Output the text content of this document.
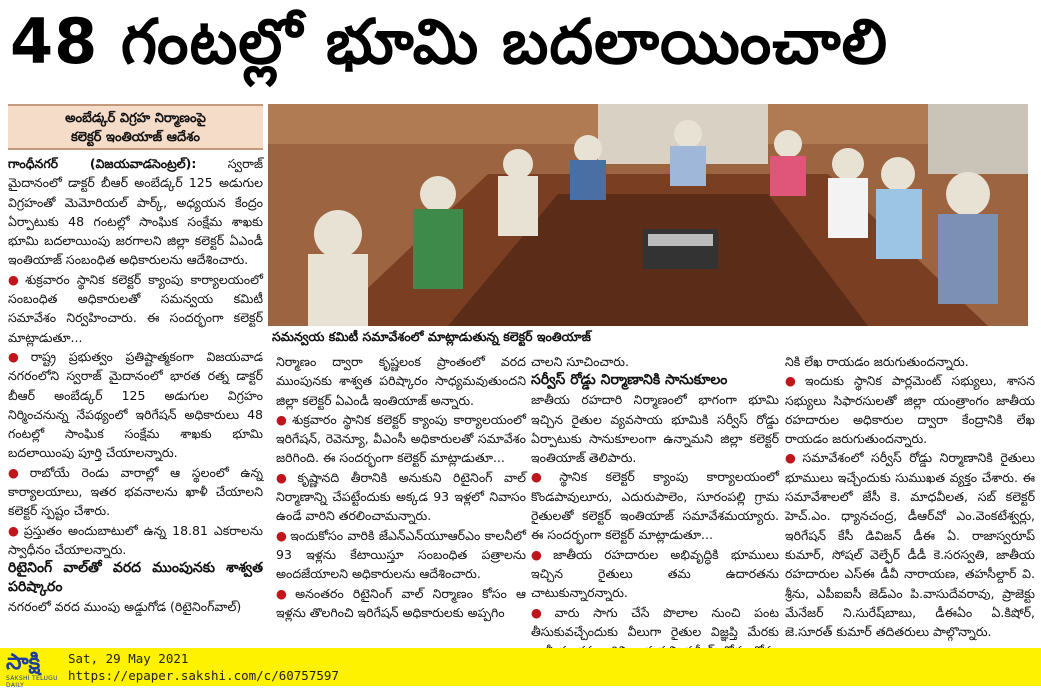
48 గంటల్లో భూమి బదలాయించాలి
అంబేడ్కర్‌ విగ్రహ నిర్మాణంపై
కలెక్టర్‌ ఇంతియాజ్‌ ఆదేశం

గాంధీనగర్‌ (విజయవాడసెంట్రల్‌): స్వరాజ్‌ మైదానంలో డాక్టర్‌ బీఆర్‌ అంబేడ్కర్‌ 125 అడుగుల విగ్రహంతో మెమోరియల్‌ పార్క్, అధ్యయన కేంద్రం ఏర్పాటుకు 48 గంటల్లో సాంఘిక సంక్షేమ శాఖకు భూమి బదలాయింపు జరగాలని జిల్లా కలెక్టర్‌ ఏఎండీ ఇంతియాజ్‌ సంబంధిత అధికారులను ఆదేశించారు.

● శుక్రవారం స్థానిక కలెక్టర్‌ క్యాంపు కార్యాలయంలో సంబంధిత అధికారులతో సమన్వయ కమిటీ సమావేశం నిర్వహించారు. ఈ సందర్భంగా కలెక్టర్‌ మాట్లాడుతూ...

● రాష్ట్ర ప్రభుత్వం ప్రతిష్టాత్మకంగా విజయవాడ నగరంలోని స్వరాజ్‌ మైదానంలో భారత రత్న డాక్టర్‌ బీఆర్‌ అంబేడ్కర్‌ 125 అడుగుల విగ్రహం నిర్మించనున్న నేపథ్యంలో ఇరిగేషన్‌ అధికారులు 48 గంటల్లో సాంఘిక సంక్షేమ శాఖకు భూమి బదలాయింపు పూర్తి చేయాలన్నారు.

● రాబోయే రెండు వారాల్లో ఆ స్థలంలో ఉన్న కార్యాలయాలు, ఇతర భవనాలను ఖాళీ చేయాలని కలెక్టర్‌ స్పష్టం చేశారు.

● ప్రస్తుతం అందుబాటులో ఉన్న 18.81 ఎకరాలను స్వాధీనం చేయాలన్నారు.

రిటైనింగ్‌ వాల్‌తో వరద ముంపునకు శాశ్వత పరిష్కారం

నగరంలో వరద ముంపు అడ్డుగోడ (రిటైనింగ్‌వాల్‌)

సమన్వయ కమిటీ సమావేశంలో మాట్లాడుతున్న కలెక్టర్‌ ఇంతియాజ్‌

నిర్మాణం ద్వారా కృష్ణలంక ప్రాంతంలో వరద ముంపునకు శాశ్వత పరిష్కారం సాధ్యమవుతుందని జిల్లా కలెక్టర్‌ ఏఎండీ ఇంతియాజ్‌ అన్నారు.

● శుక్రవారం స్థానిక కలెక్టర్‌ క్యాంపు కార్యాలయంలో ఇరిగేషన్, రెవెన్యూ, వీఎంసీ అధికారులతో సమావేశం జరిగింది. ఈ సందర్భంగా కలెక్టర్‌ మాట్లాడుతూ...

● కృష్ణానది తీరానికి అనుకుని రిటైనింగ్‌ వాల్‌ నిర్మాణాన్ని చేపట్టేందుకు అక్కడ 93 ఇళ్లలో నివాసం ఉండే వారిని తరలించామన్నారు.

● ఇందుకోసం వారికి జేఎన్‌ఎన్‌యూఆర్‌ఎం కాలనీలో 93 ఇళ్లను కేటాయిస్తూ సంబంధిత పత్రాలను అందజేయాలని అధికారులను ఆదేశించారు.

● అనంతరం రిటైనింగ్‌ వాల్‌ నిర్మాణం కోసం ఆ ఇళ్లను తొలగించి ఇరిగేషన్‌ అధికారులకు అప్పగిం

చాలని సూచించారు.

సర్వీస్‌ రోడ్డు నిర్మాణానికి సానుకూలం

జాతీయ రహదారి నిర్మాణంలో భాగంగా భూమి ఇచ్చిన రైతుల వ్యవసాయ భూమికి సర్వీస్‌ రోడ్డు ఏర్పాటుకు సానుకూలంగా ఉన్నామని జిల్లా కలెక్టర్‌ ఇంతియాజ్‌ తెలిపారు.

● స్థానిక కలెక్టర్‌ క్యాంపు కార్యాలయంలో కొండపావులూరు, ఎదురుపాలెం, సూరంపల్లి గ్రామ రైతులతో కలెక్టర్‌ ఇంతియాజ్‌ సమావేశమయ్యారు. ఈ సందర్భంగా కలెక్టర్‌ మాట్లాడుతూ...

● జాతీయ రహదారుల అభివృద్ధికి భూములు ఇచ్చిన రైతులు తమ ఉదారతను చాటుకున్నారన్నారు.

● వారు సాగు చేసే పొలాల నుంచి పంట తీసుకువచ్చేందుకు వీలుగా రైతుల విజ్ఞప్తి మేరకు

నికి లేఖ రాయడం జరుగుతుందన్నారు.

● ఇందుకు స్థానిక పార్లమెంట్‌ సభ్యులు, శాసన సభ్యులు సిఫారసులతో జిల్లా యంత్రాంగం జాతీయ రహదారుల అధికారుల ద్వారా కేంద్రానికి లేఖ రాయడం జరుగుతుందన్నారు.

● సమావేశంలో సర్వీస్‌ రోడ్డు నిర్మాణానికి రైతులు భూములు ఇచ్చేందుకు సుముఖత వ్యక్తం చేశారు. ఈ సమావేశాలలో జేసీ కె. మాధవీలత, సబ్‌ కలెక్టర్‌ హెచ్‌.ఎం. ధ్యానచంద్ర, డీఆర్‌వో ఎం.వెంకటేశ్వర్లు, ఇరిగేషన్‌ కేసీ డివిజన్‌ డీఈ ఏ. రాజాస్వరూప్‌ కుమార్, సోషల్‌ వెల్ఫేర్‌ డీడీ కె.సరస్వతి, జాతీయ రహదారుల ఎస్‌ఈ డీవీ నారాయణ, తహసీల్దార్‌ వి. శ్రీను, ఎపీఐఐసీ జెడ్‌ఎం పి.వాసుదేవరావు, ప్రాజెక్టు మేనేజర్‌ ని.సురేష్‌బాబు, డీఈఏం ఏ.కిషోర్, జె.సూరత్‌ కుమార్‌ తదితరులు పాల్గొన్నారు.

సాక్షి
SAKSHI TELUGU DAILY
Sat, 29 May 2021
https://epaper.sakshi.com/c/60757597
